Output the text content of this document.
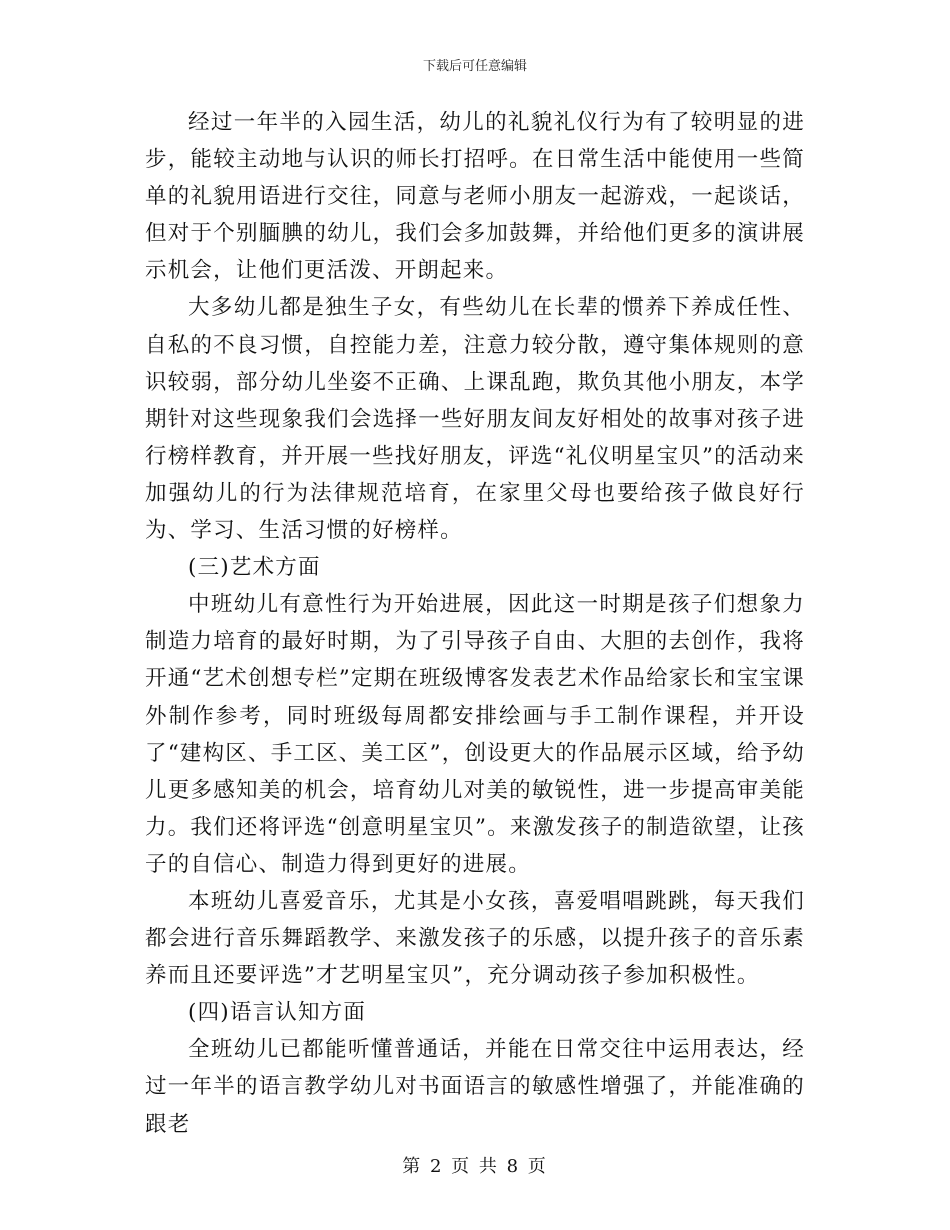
下载后可任意编辑

经过一年半的入园生活，幼儿的礼貌礼仪行为有了较明显的进步，能较主动地与认识的师长打招呼。在日常生活中能使用一些简单的礼貌用语进行交往，同意与老师小朋友一起游戏，一起谈话，但对于个别腼腆的幼儿，我们会多加鼓舞，并给他们更多的演讲展示机会，让他们更活泼、开朗起来。

大多幼儿都是独生子女，有些幼儿在长辈的惯养下养成任性、自私的不良习惯，自控能力差，注意力较分散，遵守集体规则的意识较弱，部分幼儿坐姿不正确、上课乱跑，欺负其他小朋友，本学期针对这些现象我们会选择一些好朋友间友好相处的故事对孩子进行榜样教育，并开展一些找好朋友，评选“礼仪明星宝贝”的活动来加强幼儿的行为法律规范培育，在家里父母也要给孩子做良好行为、学习、生活习惯的好榜样。

(三)艺术方面

中班幼儿有意性行为开始进展，因此这一时期是孩子们想象力制造力培育的最好时期，为了引导孩子自由、大胆的去创作，我将开通“艺术创想专栏”定期在班级博客发表艺术作品给家长和宝宝课外制作参考，同时班级每周都安排绘画与手工制作课程，并开设了“建构区、手工区、美工区”，创设更大的作品展示区域，给予幼儿更多感知美的机会，培育幼儿对美的敏锐性，进一步提高审美能力。我们还将评选“创意明星宝贝”。来激发孩子的制造欲望，让孩子的自信心、制造力得到更好的进展。

本班幼儿喜爱音乐，尤其是小女孩，喜爱唱唱跳跳，每天我们都会进行音乐舞蹈教学、来激发孩子的乐感，以提升孩子的音乐素养而且还要评选”才艺明星宝贝”，充分调动孩子参加积极性。

(四)语言认知方面

全班幼儿已都能听懂普通话，并能在日常交往中运用表达，经过一年半的语言教学幼儿对书面语言的敏感性增强了，并能准确的跟老

第 2 页 共 8 页
